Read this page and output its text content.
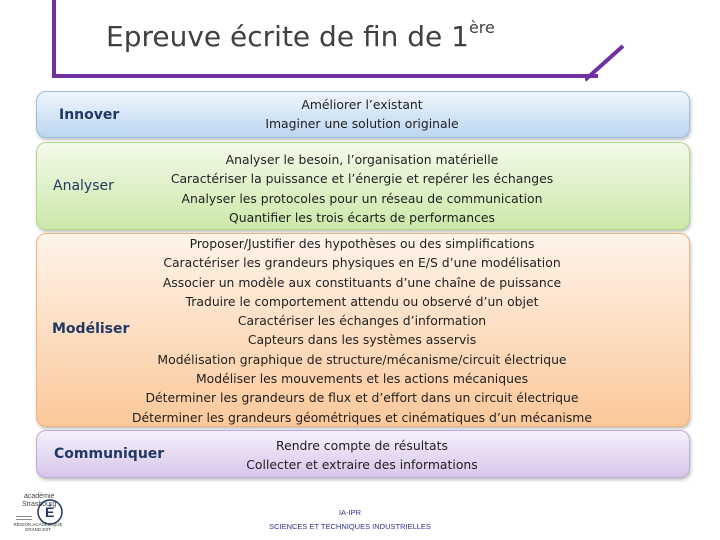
Epreuve écrite de fin de 1ère
Innover
Analyser
Modéliser
Communiquer
Améliorer l’existant
Imaginer une solution originale
Analyser le besoin, l’organisation matérielle
Caractériser la puissance et l’énergie et repérer les échanges
Analyser les protocoles pour un réseau de communication
Quantifier les trois écarts de performances
Proposer/Justifier des hypothèses ou des simplifications
Caractériser les grandeurs physiques en E/S d’une modélisation
Associer un modèle aux constituants d’une chaîne de puissance
Traduire le comportement attendu ou observé d’un objet
Caractériser les échanges d’information
Capteurs dans les systèmes asservis
Modélisation graphique de structure/mécanisme/circuit électrique
Modéliser les mouvements et les actions mécaniques
Déterminer les grandeurs de flux et d’effort dans un circuit électrique
Déterminer les grandeurs géométriques et cinématiques d’un mécanisme
Rendre compte de résultats
Collecter et extraire des informations
académie
Strasbourg
É
RÉGION ACADÉMIQUE GRAND EST
IA-IPR
SCIENCES ET TECHNIQUES INDUSTRIELLES
